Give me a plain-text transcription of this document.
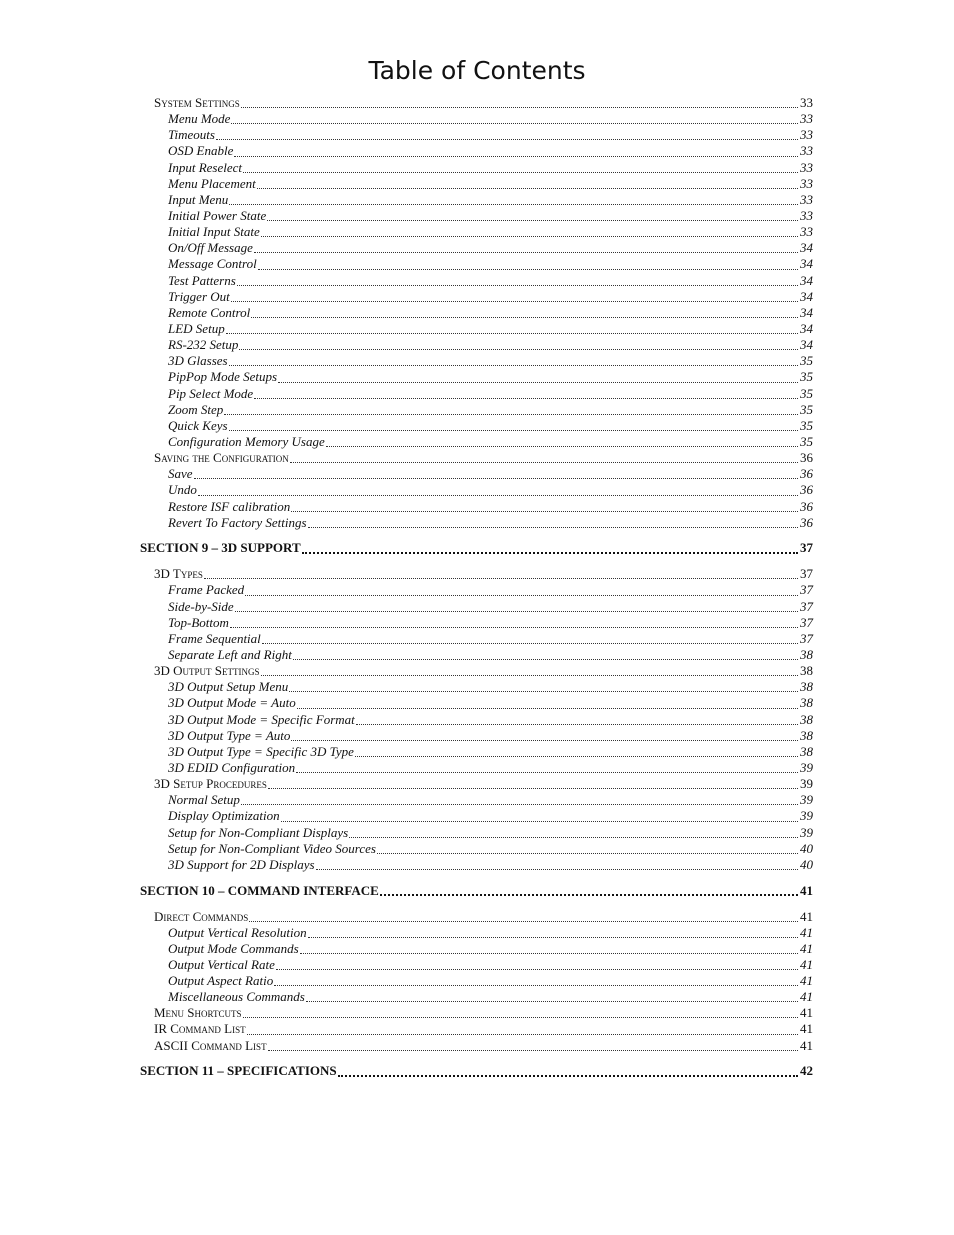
Table of Contents
System Settings	33
Menu Mode	33
Timeouts	33
OSD Enable	33
Input Reselect	33
Menu Placement	33
Input Menu	33
Initial Power State	33
Initial Input State	33
On/Off Message	34
Message Control	34
Test Patterns	34
Trigger Out	34
Remote Control	34
LED Setup	34
RS-232 Setup	34
3D Glasses	35
PipPop Mode Setups	35
Pip Select Mode	35
Zoom Step	35
Quick Keys	35
Configuration Memory Usage	35
Saving the Configuration	36
Save	36
Undo	36
Restore ISF calibration	36
Revert To Factory Settings	36
SECTION 9 – 3D SUPPORT	37
3D Types	37
Frame Packed	37
Side-by-Side	37
Top-Bottom	37
Frame Sequential	37
Separate Left and Right	38
3D Output Settings	38
3D Output Setup Menu	38
3D Output Mode = Auto	38
3D Output Mode = Specific Format	38
3D Output Type = Auto	38
3D Output Type = Specific 3D Type	38
3D EDID Configuration	39
3D Setup Procedures	39
Normal Setup	39
Display Optimization	39
Setup for Non-Compliant Displays	39
Setup for Non-Compliant Video Sources	40
3D Support for 2D Displays	40
SECTION 10 – COMMAND INTERFACE	41
Direct Commands	41
Output Vertical Resolution	41
Output Mode Commands	41
Output Vertical Rate	41
Output Aspect Ratio	41
Miscellaneous Commands	41
Menu Shortcuts	41
IR Command List	41
ASCII Command List	41
SECTION 11 – SPECIFICATIONS	42
